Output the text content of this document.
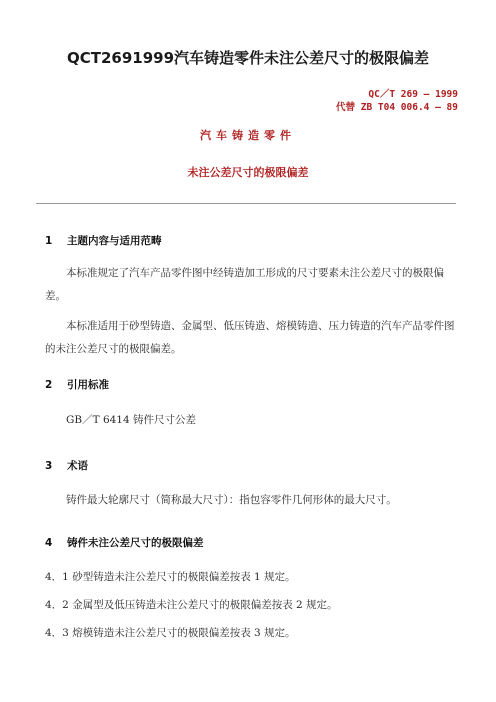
QCT2691999汽车铸造零件未注公差尺寸的极限偏差
QC／T 269 — 1999
代替 ZB T04 006.4 — 89
汽车铸造零件
未注公差尺寸的极限偏差
1 主题内容与适用范畴
本标准规定了汽车产品零件图中经铸造加工形成的尺寸要素未注公差尺寸的极限偏差。
本标准适用于砂型铸造、金属型、低压铸造、熔模铸造、压力铸造的汽车产品零件图的未注公差尺寸的极限偏差。
2 引用标准
GB／T 6414 铸件尺寸公差
3 术语
铸件最大轮廓尺寸（简称最大尺寸）：指包容零件几何形体的最大尺寸。
4 铸件未注公差尺寸的极限偏差
4．1 砂型铸造未注公差尺寸的极限偏差按表 1 规定。
4．2 金属型及低压铸造未注公差尺寸的极限偏差按表 2 规定。
4．3 熔模铸造未注公差尺寸的极限偏差按表 3 规定。
